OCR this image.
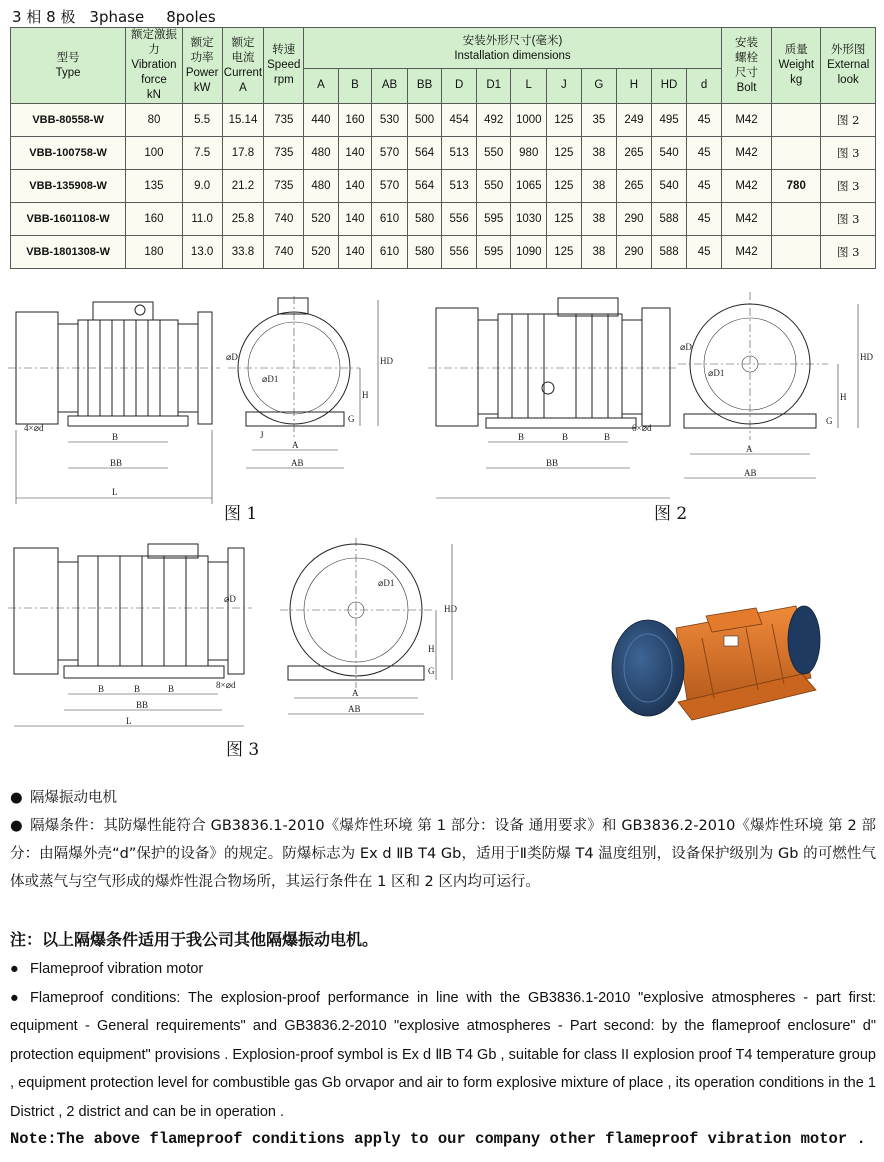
3 相 8 极 3phase 8poles
型号
Type	额定激振力
Vibration
force
kN	额定
功率
Power
kW	额定
电流
Current
A	转速
Speed
rpm	安装外形尺寸(毫米)
Installation dimensions												安装
螺栓
尺寸
Bolt	质量
Weight
kg	外形图
External
look
					A	B	AB	BB	D	D1	L	J	G	H	HD	d			
VBB-80558-W	80	5.5	15.14	735	440	160	530	500	454	492	1000	125	35	249	495	45	M42		图 2
VBB-100758-W	100	7.5	17.8	735	480	140	570	564	513	550	980	125	38	265	540	45	M42		图 3
VBB-135908-W	135	9.0	21.2	735	480	140	570	564	513	550	1065	125	38	265	540	45	M42	780	图 3
VBB-1601108-W	160	11.0	25.8	740	520	140	610	580	556	595	1030	125	38	290	588	45	M42		图 3
VBB-1801308-W	180	13.0	33.8	740	520	140	610	580	556	595	1090	125	38	290	588	45	M42		图 3
L
B
BB
4×⌀d
AB
A
J
⌀D1
HD
H
G
⌀D
图 1
B	B	B
BB
6×⌀d
A
AB
⌀D1
HD
H
G
⌀D
图 2
B	B	B
BB
L
8×⌀d
⌀D
A
AB
⌀D1
HD
H
G
图 3
● 隔爆振动电机
● 隔爆条件：其防爆性能符合 GB3836.1-2010《爆炸性环境 第 1 部分：设备 通用要求》和 GB3836.2-2010《爆炸性环境 第 2 部分：由隔爆外壳“d”保护的设备》的规定。防爆标志为 Ex d ⅡB T4 Gb，适用于Ⅱ类防爆 T4 温度组别，设备保护级别为 Gb 的可燃性气体或蒸气与空气形成的爆炸性混合物场所，其运行条件在 1 区和 2 区内均可运行。
注：以上隔爆条件适用于我公司其他隔爆振动电机。
● Flameproof vibration motor
● Flameproof conditions: The explosion-proof performance in line with the GB3836.1-2010 "explosive atmospheres - part first: equipment - General requirements" and GB3836.2-2010 "explosive atmospheres - Part second: by the flameproof enclosure" d" protection equipment" provisions . Explosion-proof symbol is Ex d ⅡB T4 Gb , suitable for class II explosion proof T4 temperature group , equipment protection level for combustible gas Gb orvapor and air to form explosive mixture of place , its operation conditions in the 1 District , 2 district and can be in operation .
Note:The above flameproof conditions apply to our company other flameproof vibration motor .
